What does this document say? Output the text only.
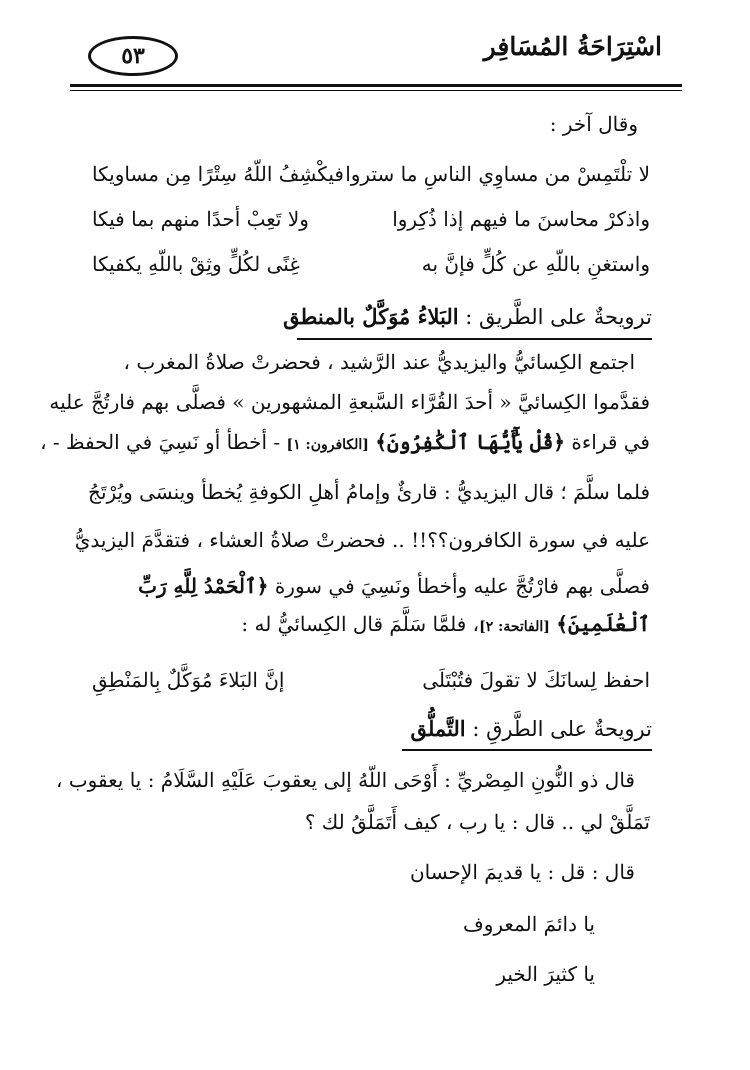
اسْتِرَاحَةُ المُسَافِر
٥٣
وقال آخر :
لا تلْتَمِسْ من مساوِي الناسِ ما ستروا
فيكْشِفُ اللّهُ سِتْرًا مِن مساويكا
واذكرْ محاسنَ ما فيهم إذا ذُكِروا
ولا تَعِبْ أحدًا منهم بما فيكا
واستغنِ باللّهِ عن كُلٍّ فإنَّ به
غِنًى لكُلٍّ وثِقْ باللّهِ يكفيكا
ترويحةٌ على الطَّريق : البَلاءُ مُوَكَّلٌ بالمنطق
اجتمع الكِسائيُّ واليزيديُّ عند الرَّشيد ، فحضرتْ صلاةُ المغرب ،
فقدَّموا الكِسائيَّ « أحدَ القُرَّاء السَّبعةِ المشهورين » فصلَّى بهم فارتُجَّ عليه
في قراءة ﴿قُلْ يَٰٓأَيُّهَا ٱلْكَٰفِرُونَ﴾ [الكافرون: ١] - أخطأ أو نَسِيَ في الحفظ - ،
فلما سلَّمَ ؛ قال اليزيديُّ : قارئٌ وإمامُ أهلِ الكوفةِ يُخطأ وينسَى ويُرْتَجُ
عليه في سورة الكافرون؟؟!! .. فحضرتْ صلاةُ العشاء ، فتقدَّمَ اليزيديُّ
فصلَّى بهم فارْتُجَّ عليه وأخطأ ونَسِيَ في سورة ﴿ٱلْحَمْدُ لِلَّهِ رَبِّ
ٱلْعَٰلَمِينَ﴾ [الفاتحة: ٢]، فلمَّا سَلَّمَ قال الكِسائيُّ له :
احفظ لِسانَكَ لا تقولَ فتُبْتَلَى
إنَّ البَلاءَ مُوَكَّلٌ بِالمَنْطِقِ
ترويحةٌ على الطَّرقِ : التَّملُّق
قال ذو النُّونِ المِصْريِّ : أَوْحَى اللّهُ إلى يعقوبَ عَلَيْهِ السَّلَامُ : يا يعقوب ،
تَمَلَّقْ لي .. قال : يا رب ، كيف أَتَمَلَّقُ لك ؟
قال : قل : يا قديمَ الإحسان
يا دائمَ المعروف
يا كثيرَ الخير
